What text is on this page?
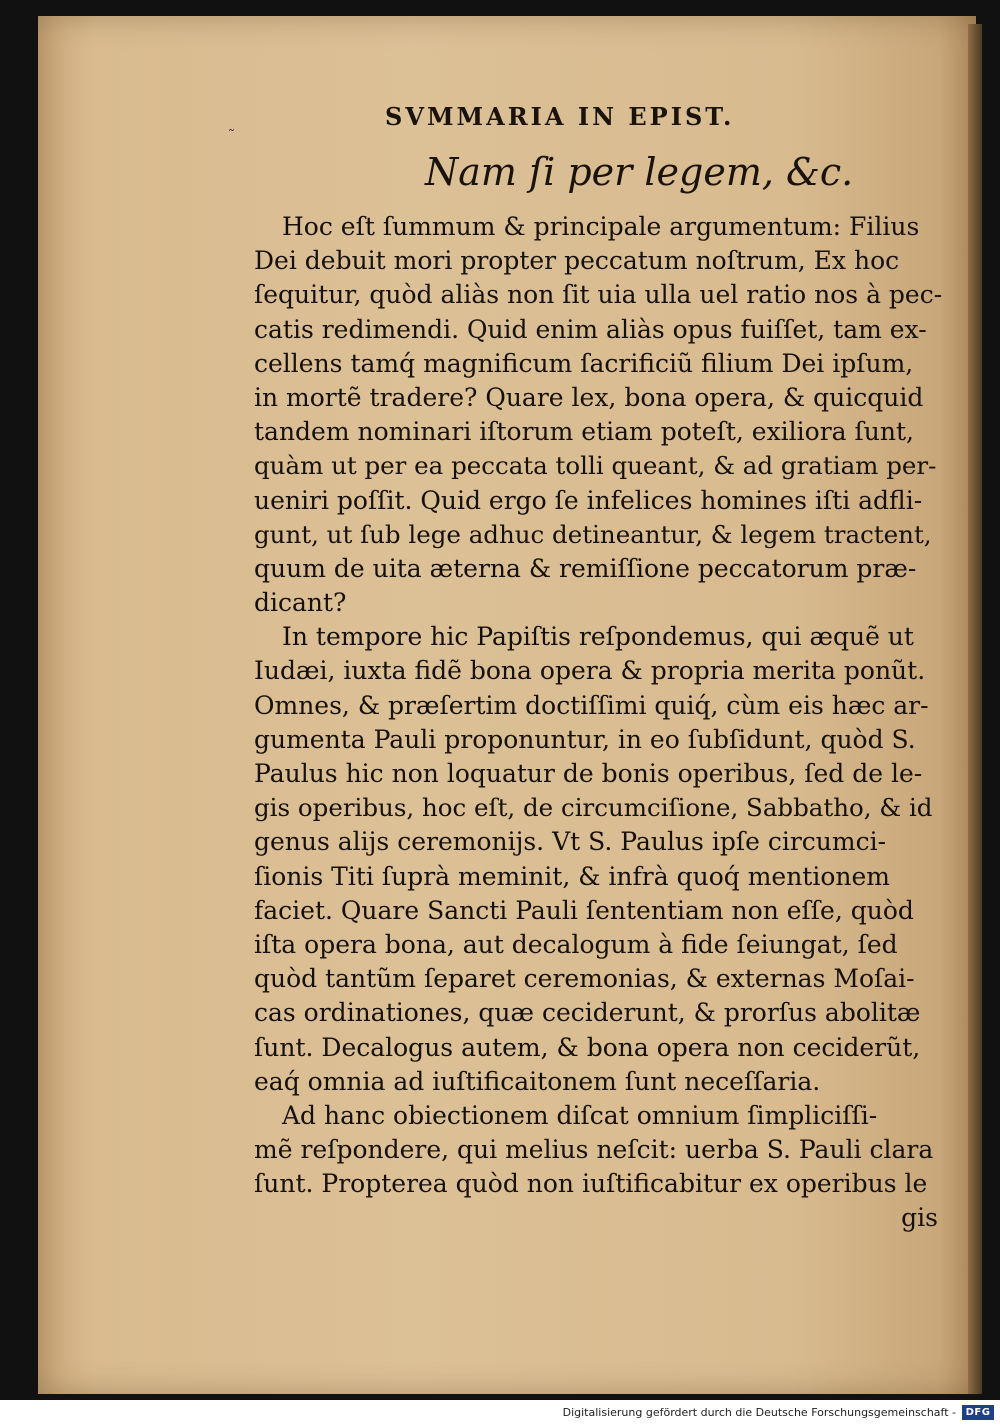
SVMMARIA IN EPIST.
˜
Nam ſi per legem, &c.
Hoc eſt ſummum & principale argumentum: Filius
Dei debuit mori propter peccatum noſtrum, Ex hoc
ſequitur, quòd aliàs non ſit uia ulla uel ratio nos à pec-
catis redimendi. Quid enim aliàs opus fuiſſet, tam ex-
cellens tamq́ magnificum ſacrificiũ filium Dei ipſum,
in mortẽ tradere? Quare lex, bona opera, & quicquid
tandem nominari iſtorum etiam poteſt, exiliora ſunt,
quàm ut per ea peccata tolli queant, & ad gratiam per-
ueniri poſſit. Quid ergo ſe infelices homines iſti adfli-
gunt, ut ſub lege adhuc detineantur, & legem tractent,
quum de uita æterna & remiſſione peccatorum præ-
dicant?
In tempore hic Papiſtis reſpondemus, qui æquẽ ut
Iudæi, iuxta fidẽ bona opera & propria merita ponũt.
Omnes, & præſertim doctiſſimi quiq́, cùm eis hæc ar-
gumenta Pauli proponuntur, in eo ſubſidunt, quòd S.
Paulus hic non loquatur de bonis operibus, ſed de le-
gis operibus, hoc eſt, de circumciſione, Sabbatho, & id
genus alijs ceremonijs. Vt S. Paulus ipſe circumci-
ſionis Titi ſuprà meminit, & infrà quoq́ mentionem
faciet. Quare Sancti Pauli ſententiam non eſſe, quòd
iſta opera bona, aut decalogum à fide ſeiungat, ſed
quòd tantũm ſeparet ceremonias, & externas Moſai-
cas ordinationes, quæ ceciderunt, & prorſus abolitæ
ſunt. Decalogus autem, & bona opera non ceciderũt,
eaq́ omnia ad iuſtificaitonem ſunt neceſſaria.
Ad hanc obiectionem diſcat omnium ſimpliciſſi-
mẽ reſpondere, qui melius neſcit: uerba S. Pauli clara
ſunt. Propterea quòd non iuſtificabitur ex operibus le
gis
Digitalisierung gefördert durch die Deutsche Forschungsgemeinschaft - DFG
